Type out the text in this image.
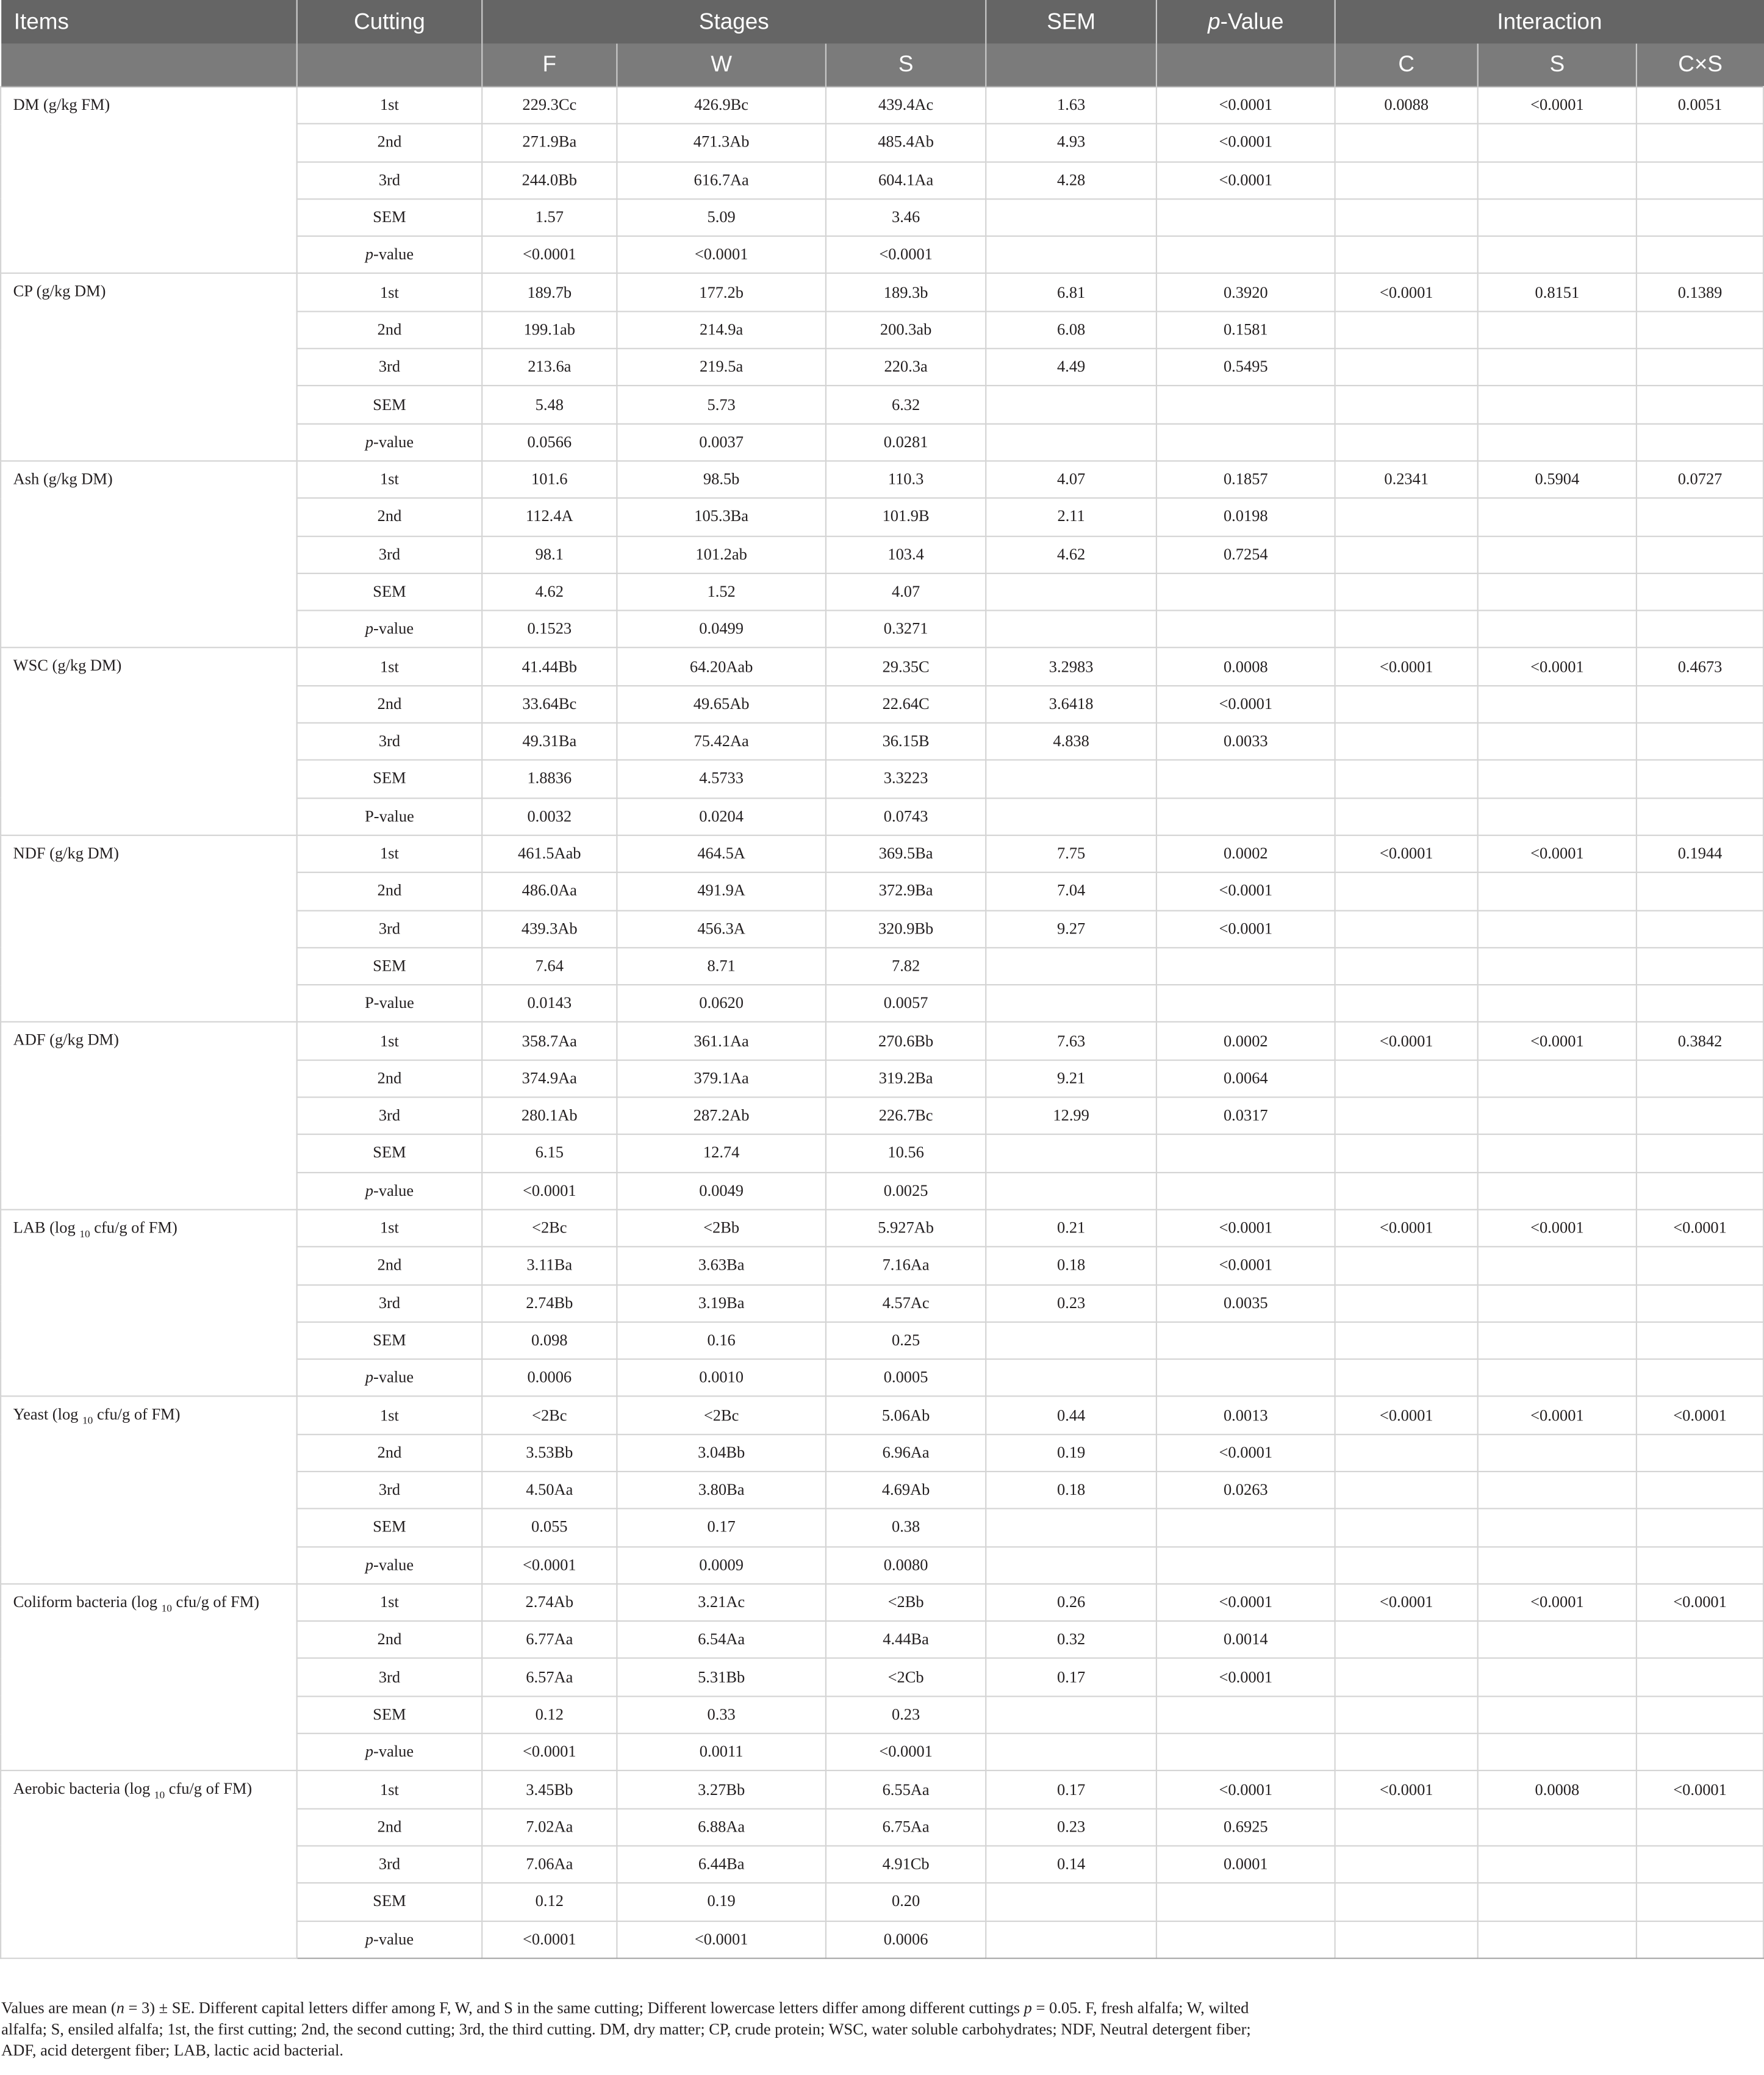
Items	Cutting	Stages			SEM	p-Value	Interaction		
		F	W	S			C	S	C×S
DM (g/kg FM)	1st	229.3Cc	426.9Bc	439.4Ac	1.63	<0.0001	0.0088	<0.0001	0.0051
	2nd	271.9Ba	471.3Ab	485.4Ab	4.93	<0.0001			
	3rd	244.0Bb	616.7Aa	604.1Aa	4.28	<0.0001			
	SEM	1.57	5.09	3.46					
	p-value	<0.0001	<0.0001	<0.0001					
CP (g/kg DM)	1st	189.7b	177.2b	189.3b	6.81	0.3920	<0.0001	0.8151	0.1389
	2nd	199.1ab	214.9a	200.3ab	6.08	0.1581			
	3rd	213.6a	219.5a	220.3a	4.49	0.5495			
	SEM	5.48	5.73	6.32					
	p-value	0.0566	0.0037	0.0281					
Ash (g/kg DM)	1st	101.6	98.5b	110.3	4.07	0.1857	0.2341	0.5904	0.0727
	2nd	112.4A	105.3Ba	101.9B	2.11	0.0198			
	3rd	98.1	101.2ab	103.4	4.62	0.7254			
	SEM	4.62	1.52	4.07					
	p-value	0.1523	0.0499	0.3271					
WSC (g/kg DM)	1st	41.44Bb	64.20Aab	29.35C	3.2983	0.0008	<0.0001	<0.0001	0.4673
	2nd	33.64Bc	49.65Ab	22.64C	3.6418	<0.0001			
	3rd	49.31Ba	75.42Aa	36.15B	4.838	0.0033			
	SEM	1.8836	4.5733	3.3223					
	P-value	0.0032	0.0204	0.0743					
NDF (g/kg DM)	1st	461.5Aab	464.5A	369.5Ba	7.75	0.0002	<0.0001	<0.0001	0.1944
	2nd	486.0Aa	491.9A	372.9Ba	7.04	<0.0001			
	3rd	439.3Ab	456.3A	320.9Bb	9.27	<0.0001			
	SEM	7.64	8.71	7.82					
	P-value	0.0143	0.0620	0.0057					
ADF (g/kg DM)	1st	358.7Aa	361.1Aa	270.6Bb	7.63	0.0002	<0.0001	<0.0001	0.3842
	2nd	374.9Aa	379.1Aa	319.2Ba	9.21	0.0064			
	3rd	280.1Ab	287.2Ab	226.7Bc	12.99	0.0317			
	SEM	6.15	12.74	10.56					
	p-value	<0.0001	0.0049	0.0025					
LAB (log $_{10}$ cfu/g of FM)	1st	<2Bc	<2Bb	5.927Ab	0.21	<0.0001	<0.0001	<0.0001	<0.0001
	2nd	3.11Ba	3.63Ba	7.16Aa	0.18	<0.0001			
	3rd	2.74Bb	3.19Ba	4.57Ac	0.23	0.0035			
	SEM	0.098	0.16	0.25					
	p-value	0.0006	0.0010	0.0005					
Yeast (log $_{10}$ cfu/g of FM)	1st	<2Bc	<2Bc	5.06Ab	0.44	0.0013	<0.0001	<0.0001	<0.0001
	2nd	3.53Bb	3.04Bb	6.96Aa	0.19	<0.0001			
	3rd	4.50Aa	3.80Ba	4.69Ab	0.18	0.0263			
	SEM	0.055	0.17	0.38					
	p-value	<0.0001	0.0009	0.0080					
Coliform bacteria (log $_{10}$ cfu/g of FM)	1st	2.74Ab	3.21Ac	<2Bb	0.26	<0.0001	<0.0001	<0.0001	<0.0001
	2nd	6.77Aa	6.54Aa	4.44Ba	0.32	0.0014			
	3rd	6.57Aa	5.31Bb	<2Cb	0.17	<0.0001			
	SEM	0.12	0.33	0.23					
	p-value	<0.0001	0.0011	<0.0001					
Aerobic bacteria (log $_{10}$ cfu/g of FM)	1st	3.45Bb	3.27Bb	6.55Aa	0.17	<0.0001	<0.0001	0.0008	<0.0001
	2nd	7.02Aa	6.88Aa	6.75Aa	0.23	0.6925			
	3rd	7.06Aa	6.44Ba	4.91Cb	0.14	0.0001			
	SEM	0.12	0.19	0.20					
	p-value	<0.0001	<0.0001	0.0006					

Values are mean (n = 3) ± SE. Different capital letters differ among F, W, and S in the same cutting; Different lowercase letters differ among different cuttings p = 0.05. F, fresh alfalfa; W, wilted alfalfa; S, ensiled alfalfa; 1st, the first cutting; 2nd, the second cutting; 3rd, the third cutting. DM, dry matter; CP, crude protein; WSC, water soluble carbohydrates; NDF, Neutral detergent fiber; ADF, acid detergent fiber; LAB, lactic acid bacterial.
